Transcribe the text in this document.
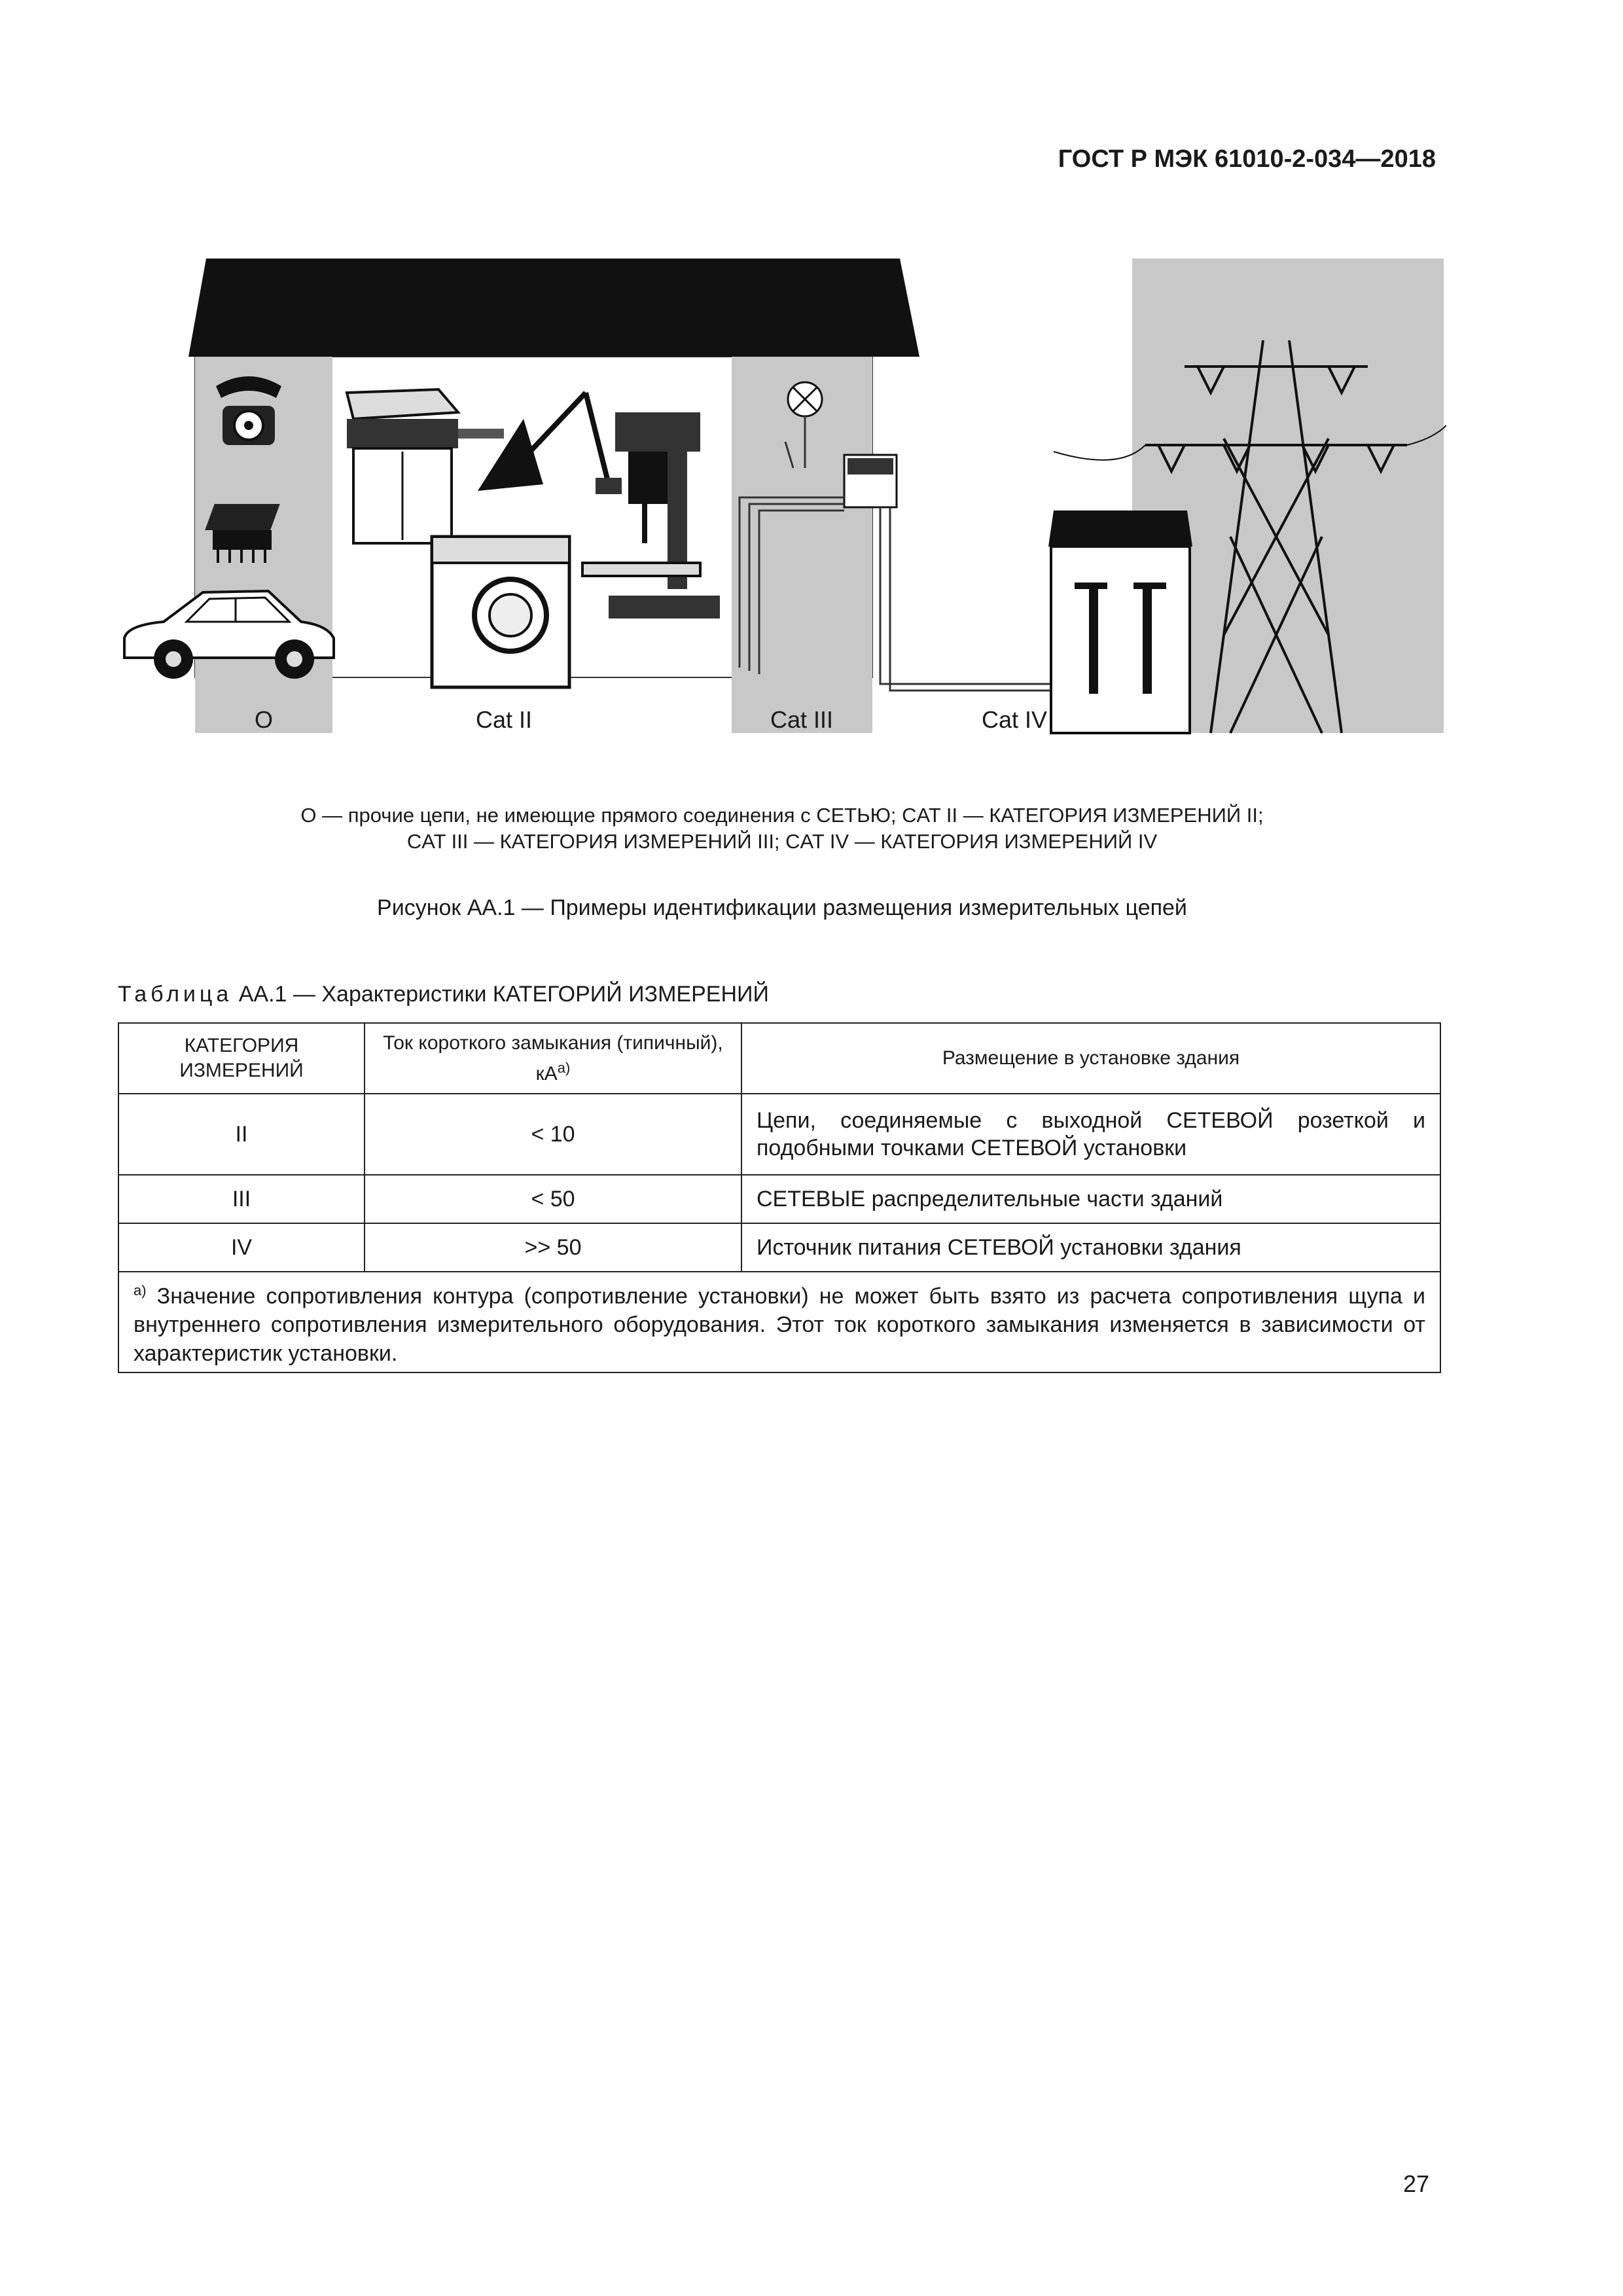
ГОСТ Р МЭК 61010-2-034—2018
O	Cat II	Cat III	Cat IV
О — прочие цепи, не имеющие прямого соединения с СЕТЬЮ; CAT II — КАТЕГОРИЯ ИЗМЕРЕНИЙ II;
CAT III — КАТЕГОРИЯ ИЗМЕРЕНИЙ III; CAT IV — КАТЕГОРИЯ ИЗМЕРЕНИЙ IV
Рисунок АА.1 — Примеры идентификации размещения измерительных цепей
Таблица АА.1 — Характеристики КАТЕГОРИЙ ИЗМЕРЕНИЙ
КАТЕГОРИЯ ИЗМЕРЕНИЙ	Ток короткого замыкания (типичный), $кА^{a)}$	Размещение в установке здания
II	< 10	Цепи, соединяемые с выходной СЕТЕВОЙ розеткой и подобными точками СЕТЕВОЙ установки
III	< 50	СЕТЕВЫЕ распределительные части зданий
IV	>> 50	Источник питания СЕТЕВОЙ установки здания
$^{a)}$ Значение сопротивления контура (сопротивление установки) не может быть взято из расчета сопротивления щупа и внутреннего сопротивления измерительного оборудования. Этот ток короткого замыкания изменяется в зависимости от характеристик установки.		
27
